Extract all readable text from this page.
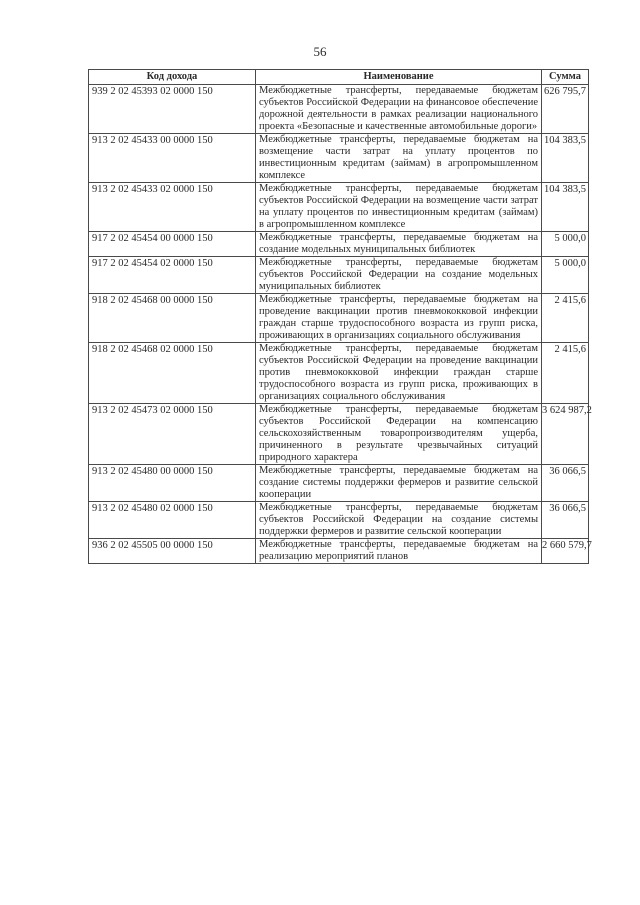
56
Код дохода	Наименование	Сумма
939 2 02 45393 02 0000 150	Межбюджетные трансферты, передаваемые бюджетам субъектов Российской Федерации на финансовое обеспечение дорожной деятельности в рамках реализации национального проекта «Безопасные и качественные автомобильные дороги»	626 795,7
913 2 02 45433 00 0000 150	Межбюджетные трансферты, передаваемые бюджетам на возмещение части затрат на уплату процентов по инвестиционным кредитам (займам) в агропромышленном комплексе	104 383,5
913 2 02 45433 02 0000 150	Межбюджетные трансферты, передаваемые бюджетам субъектов Российской Федерации на возмещение части затрат на уплату процентов по инвестиционным кредитам (займам) в агропромышленном комплексе	104 383,5
917 2 02 45454 00 0000 150	Межбюджетные трансферты, передаваемые бюджетам на создание модельных муниципальных библиотек	5 000,0
917 2 02 45454 02 0000 150	Межбюджетные трансферты, передаваемые бюджетам субъектов Российской Федерации на создание модельных муниципальных библиотек	5 000,0
918 2 02 45468 00 0000 150	Межбюджетные трансферты, передаваемые бюджетам на проведение вакцинации против пневмококковой инфекции граждан старше трудоспособного возраста из групп риска, проживающих в организациях социального обслуживания	2 415,6
918 2 02 45468 02 0000 150	Межбюджетные трансферты, передаваемые бюджетам субъектов Российской Федерации на проведение вакцинации против пневмококковой инфекции граждан старше трудоспособного возраста из групп риска, проживающих в организациях социального обслуживания	2 415,6
913 2 02 45473 02 0000 150	Межбюджетные трансферты, передаваемые бюджетам субъектов Российской Федерации на компенсацию сельскохозяйственным товаропроизводителям ущерба, причиненного в результате чрезвычайных ситуаций природного характера	3 624 987,2
913 2 02 45480 00 0000 150	Межбюджетные трансферты, передаваемые бюджетам на создание системы поддержки фермеров и развитие сельской кооперации	36 066,5
913 2 02 45480 02 0000 150	Межбюджетные трансферты, передаваемые бюджетам субъектов Российской Федерации на создание системы поддержки фермеров и развитие сельской кооперации	36 066,5
936 2 02 45505 00 0000 150	Межбюджетные трансферты, передаваемые бюджетам на реализацию мероприятий планов	2 660 579,7
